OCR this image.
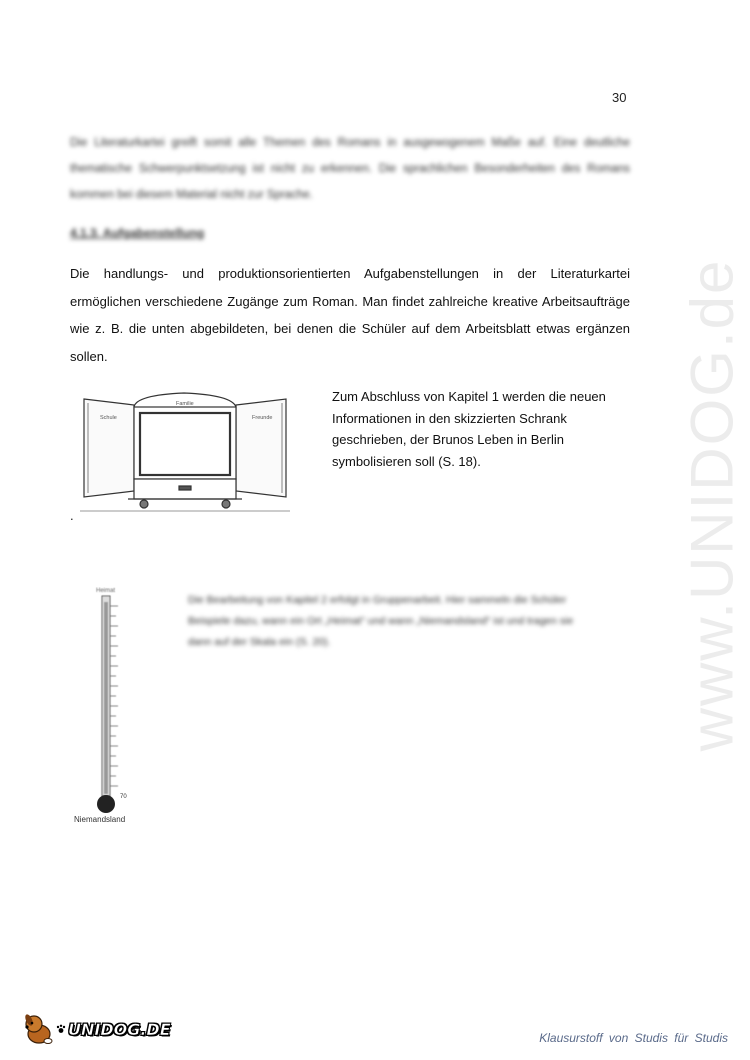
30
Die Literaturkartei greift somit alle Themen des Romans in ausgewogenem Maße auf. Eine deutliche thematische Schwerpunktsetzung ist nicht zu erkennen. Die sprachlichen Besonderheiten des Romans kommen bei diesem Material nicht zur Sprache.
4.1.3. Aufgabenstellung
Die handlungs- und produktionsorientierten Aufgabenstellungen in der Literaturkartei ermöglichen verschiedene Zugänge zum Roman. Man findet zahlreiche kreative Arbeitsaufträge wie z. B. die unten abgebildeten, bei denen die Schüler auf dem Arbeitsblatt etwas ergänzen sollen.
Schule
Familie
Freunde
Zum Abschluss von Kapitel 1 werden die neuen Informationen in den skizzierten Schrank geschrieben, der Brunos Leben in Berlin symbolisieren soll (S. 18).
.
Heimat
70
Niemandsland
Die Bearbeitung von Kapitel 2 erfolgt in Gruppenarbeit. Hier sammeln die Schüler Beispiele dazu, wann ein Ort „Heimat“ und wann „Niemandsland“ ist und tragen sie dann auf der Skala ein (S. 20).	www.UNIDOG.de
UNIDOG.DE	Klausurstoff von Studis für Studis
